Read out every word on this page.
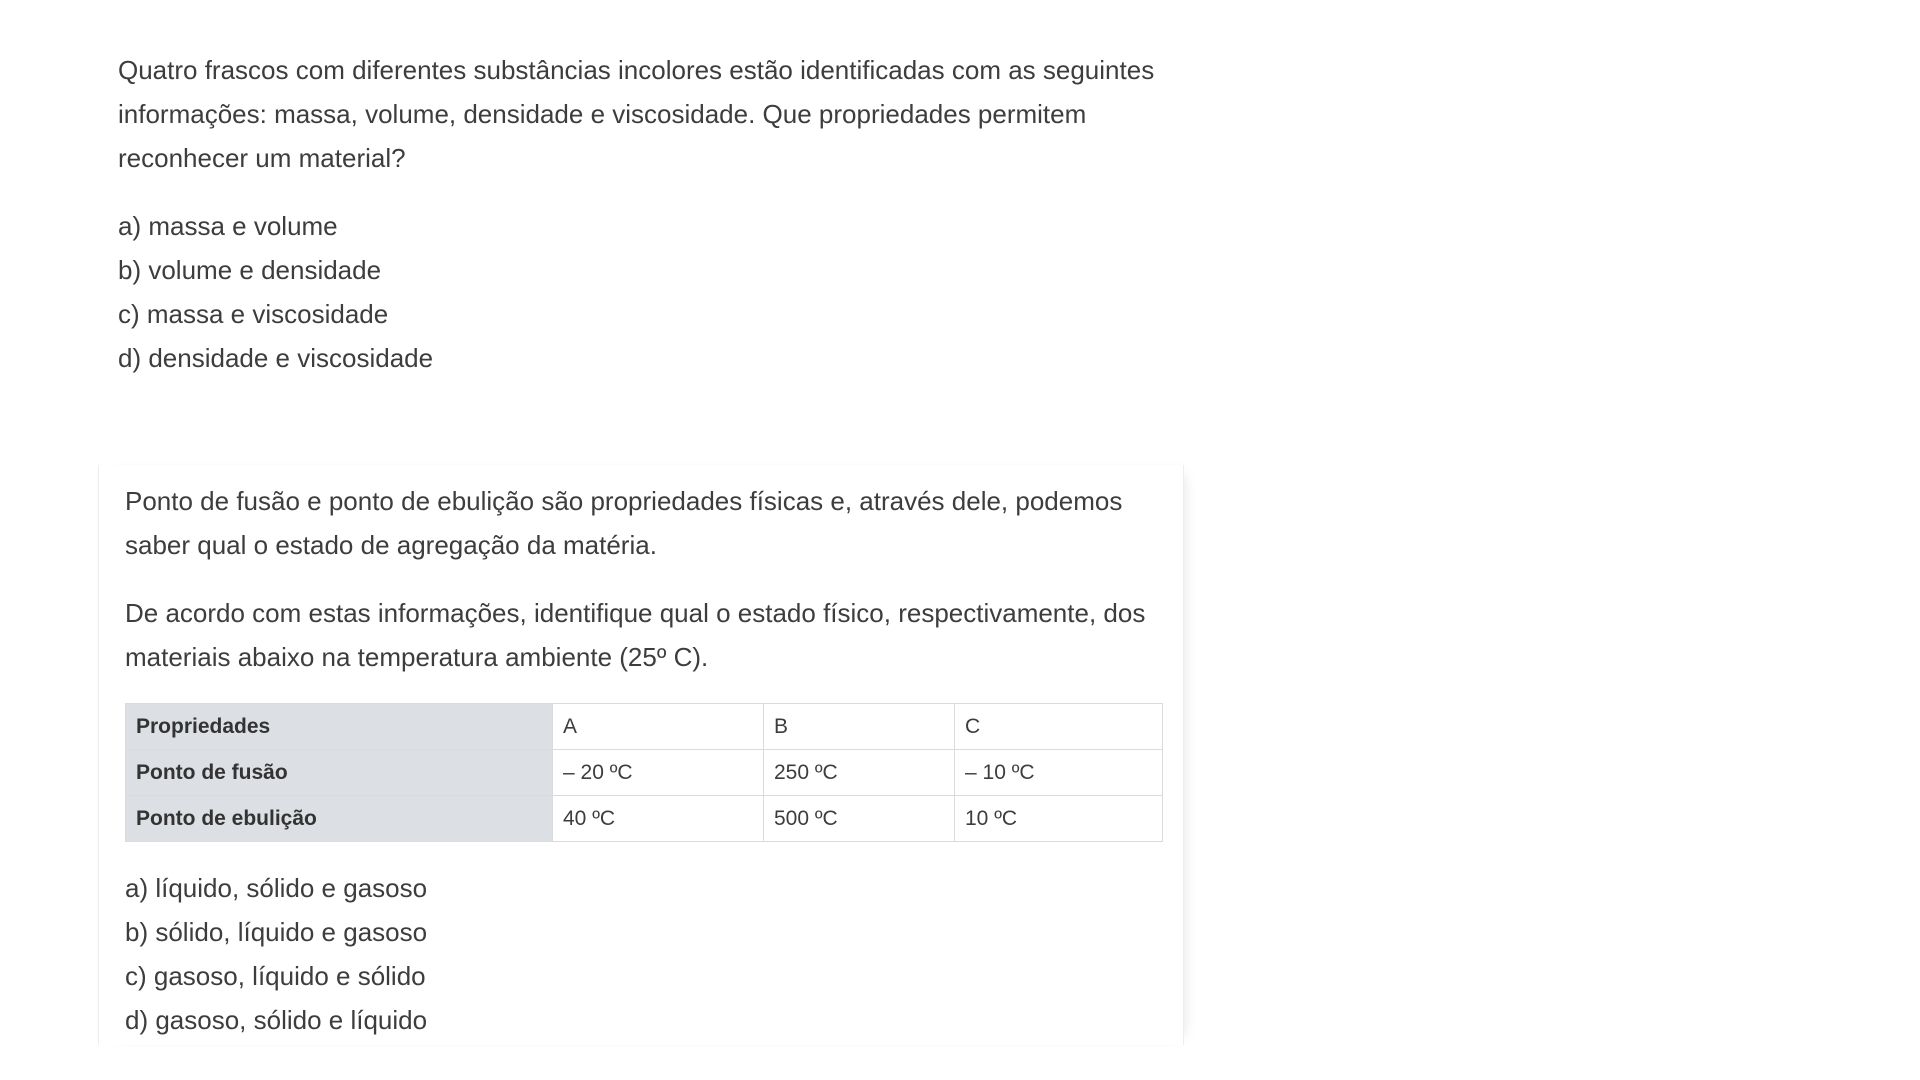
Quatro frascos com diferentes substâncias incolores estão identificadas com as seguintes informações: massa, volume, densidade e viscosidade. Que propriedades permitem reconhecer um material?

a) massa e volume
b) volume e densidade
c) massa e viscosidade
d) densidade e viscosidade

Ponto de fusão e ponto de ebulição são propriedades físicas e, através dele, podemos saber qual o estado de agregação da matéria.

De acordo com estas informações, identifique qual o estado físico, respectivamente, dos materiais abaixo na temperatura ambiente (25º C).

Propriedades	A	B	C
Ponto de fusão	– 20 ºC	250 ºC	– 10 ºC
Ponto de ebulição	40 ºC	500 ºC	10 ºC
a) líquido, sólido e gasoso
b) sólido, líquido e gasoso
c) gasoso, líquido e sólido
d) gasoso, sólido e líquido
